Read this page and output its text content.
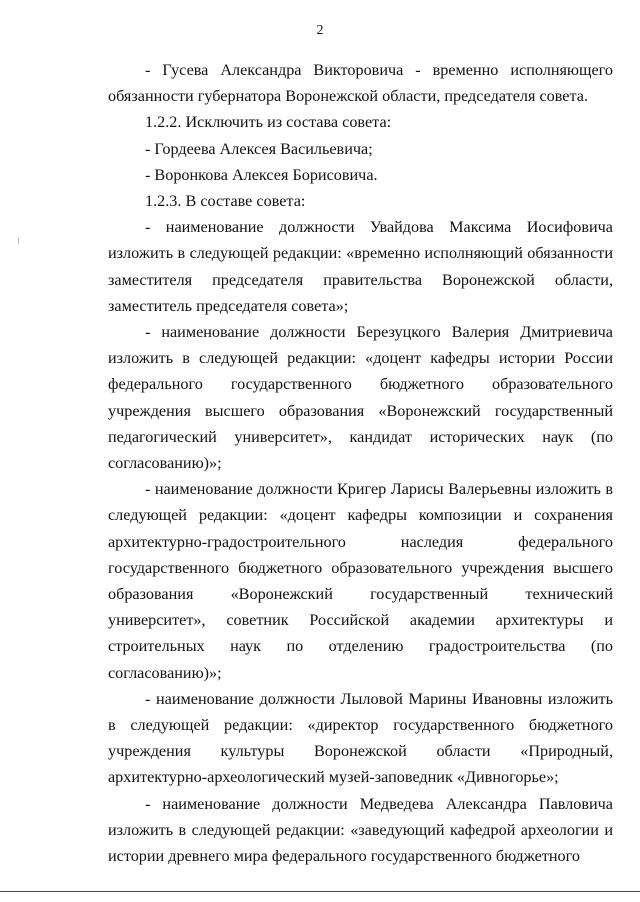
2

- Гусева Александра Викторовича - временно исполняющего обязанности губернатора Воронежской области, председателя совета.

1.2.2. Исключить из состава совета:

- Гордеева Алексея Васильевича;

- Воронкова Алексея Борисовича.

1.2.3. В составе совета:

- наименование должности Увайдова Максима Иосифовича изложить в следующей редакции: «временно исполняющий обязанности заместителя председателя правительства Воронежской области, заместитель председателя совета»;

- наименование должности Березуцкого Валерия Дмитриевича изложить в следующей редакции: «доцент кафедры истории России федерального государственного бюджетного образовательного учреждения высшего образования «Воронежский государственный педагогический университет», кандидат исторических наук (по согласованию)»;

- наименование должности Кригер Ларисы Валерьевны изложить в следующей редакции: «доцент кафедры композиции и сохранения архитектурно-градостроительного наследия федерального государственного бюджетного образовательного учреждения высшего образования «Воронежский государственный технический университет», советник Российской академии архитектуры и строительных наук по отделению градостроительства (по согласованию)»;

- наименование должности Лыловой Марины Ивановны изложить в следующей редакции: «директор государственного бюджетного учреждения культуры Воронежской области «Природный, архитектурно-археологический музей-заповедник «Дивногорье»;

- наименование должности Медведева Александра Павловича изложить в следующей редакции: «заведующий кафедрой археологии и истории древнего мира федерального государственного бюджетного
